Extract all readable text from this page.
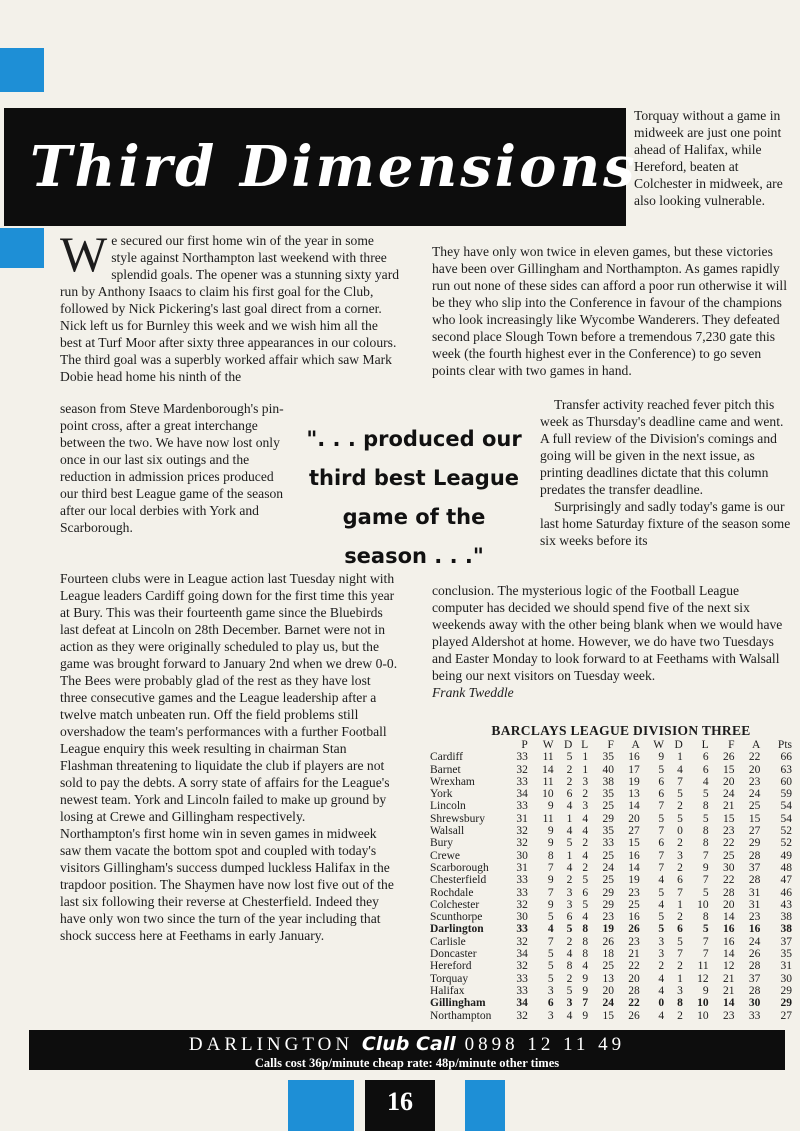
Third Dimensions

Torquay without a game in midweek are just one point ahead of Halifax, while Hereford, beaten at Colchester in midweek, are also looking vulnerable.

W e secured our first home win of the year in some style against Northampton last weekend with three splendid goals. The opener was a stunning sixty yard run by Anthony Isaacs to claim his first goal for the Club, followed by Nick Pickering's last goal direct from a corner. Nick left us for Burnley this week and we wish him all the best at Turf Moor after sixty three appearances in our colours. The third goal was a superbly worked affair which saw Mark Dobie head home his ninth of the

season from Steve Mardenborough's pin-point cross, after a great interchange between the two. We have now lost only once in our last six outings and the reduction in admission prices produced our third best League game of the season after our local derbies with York and Scarborough.

Fourteen clubs were in League action last Tuesday night with League leaders Cardiff going down for the first time this year at Bury. This was their fourteenth game since the Bluebirds last defeat at Lincoln on 28th December. Barnet were not in action as they were originally scheduled to play us, but the game was brought forward to January 2nd when we drew 0-0. The Bees were probably glad of the rest as they have lost three consecutive games and the League leadership after a twelve match unbeaten run. Off the field problems still overshadow the team's performances with a further Football League enquiry this week resulting in chairman Stan Flashman threatening to liquidate the club if players are not sold to pay the debts. A sorry state of affairs for the League's newest team. York and Lincoln failed to make up ground by losing at Crewe and Gillingham respectively.

Northampton's first home win in seven games in midweek saw them vacate the bottom spot and coupled with today's visitors Gillingham's success dumped luckless Halifax in the trapdoor position. The Shaymen have now lost five out of the last six following their reverse at Chesterfield. Indeed they have only won two since the turn of the year including that shock success here at Feethams in early January.

They have only won twice in eleven games, but these victories have been over Gillingham and Northampton. As games rapidly run out none of these sides can afford a poor run otherwise it will be they who slip into the Conference in favour of the champions who look increasingly like Wycombe Wanderers. They defeated second place Slough Town before a tremendous 7,230 gate this week (the fourth highest ever in the Conference) to go seven points clear with two games in hand.

". . . produced our third best League game of the season . . ."

Transfer activity reached fever pitch this week as Thursday's deadline came and went. A full review of the Division's comings and going will be given in the next issue, as printing deadlines dictate that this column predates the transfer deadline.

Surprisingly and sadly today's game is our last home Saturday fixture of the season some six weeks before its

conclusion. The mysterious logic of the Football League computer has decided we should spend five of the next six weekends away with the other being blank when we would have played Aldershot at home. However, we do have two Tuesdays and Easter Monday to look forward to at Feethams with Walsall being our next visitors on Tuesday week.

Frank Tweddle

BARCLAYS LEAGUE DIVISION THREE
	P	W	D	L	F	A	W	D	L	F	A	Pts
Cardiff	33	11	5	1	35	16	9	1	6	26	22	66
Barnet	32	14	2	1	40	17	5	4	6	15	20	63
Wrexham	33	11	2	3	38	19	6	7	4	20	23	60
York	34	10	6	2	35	13	6	5	5	24	24	59
Lincoln	33	9	4	3	25	14	7	2	8	21	25	54
Shrewsbury	31	11	1	4	29	20	5	5	5	15	15	54
Walsall	32	9	4	4	35	27	7	0	8	23	27	52
Bury	32	9	5	2	33	15	6	2	8	22	29	52
Crewe	30	8	1	4	25	16	7	3	7	25	28	49
Scarborough	31	7	4	2	24	14	7	2	9	30	37	48
Chesterfield	33	9	2	5	25	19	4	6	7	22	28	47
Rochdale	33	7	3	6	29	23	5	7	5	28	31	46
Colchester	32	9	3	5	29	25	4	1	10	20	31	43
Scunthorpe	30	5	6	4	23	16	5	2	8	14	23	38
Darlington	33	4	5	8	19	26	5	6	5	16	16	38
Carlisle	32	7	2	8	26	23	3	5	7	16	24	37
Doncaster	34	5	4	8	18	21	3	7	7	14	26	35
Hereford	32	5	8	4	25	22	2	2	11	12	28	31
Torquay	33	5	2	9	13	20	4	1	12	21	37	30
Halifax	33	3	5	9	20	28	4	3	9	21	28	29
Gillingham	34	6	3	7	24	22	0	8	10	14	30	29
Northampton	32	3	4	9	15	26	4	2	10	23	33	27
DARLINGTON Club Call 0898 12 11 49
Calls cost 36p/minute cheap rate: 48p/minute other times
16
